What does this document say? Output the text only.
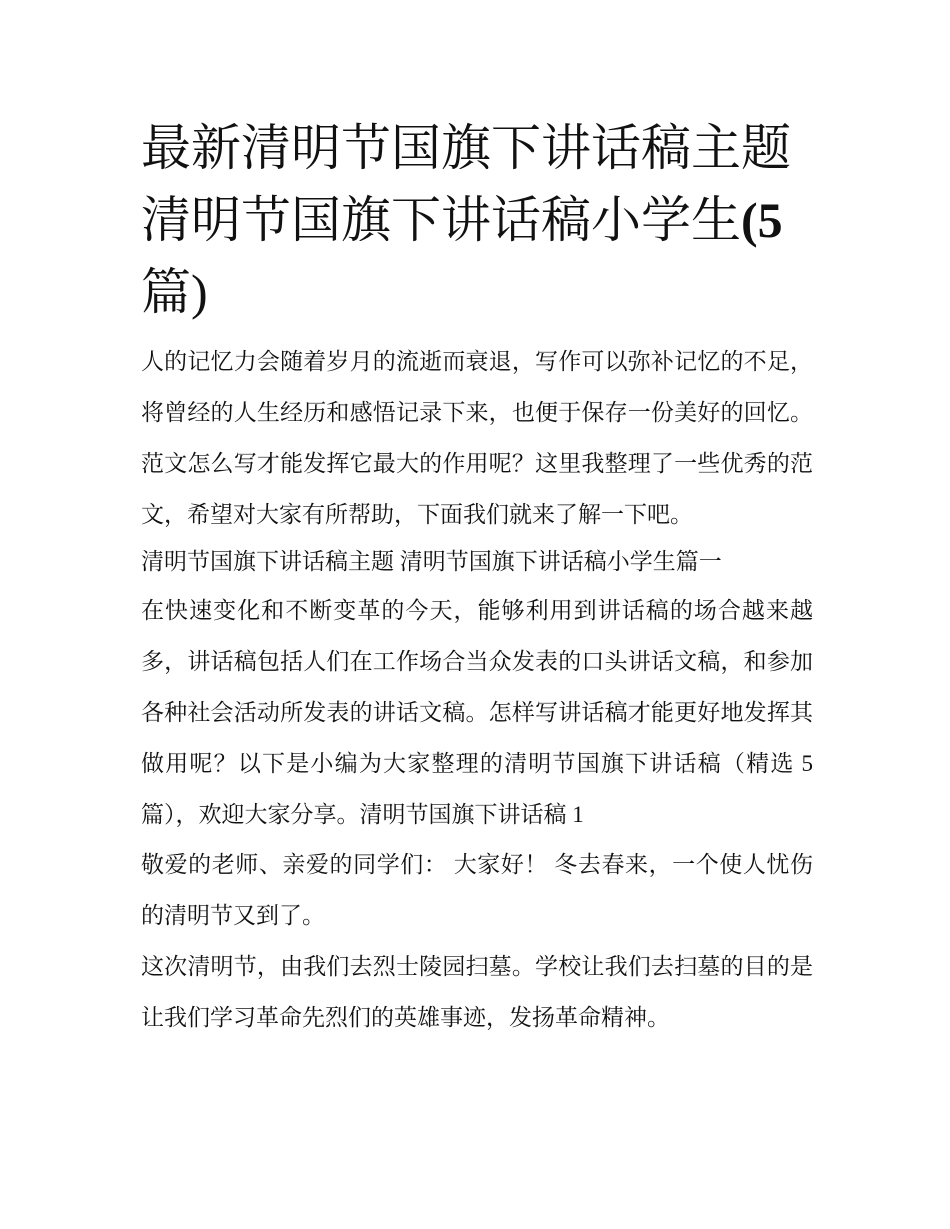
最新清明节国旗下讲话稿主题 清明节国旗下讲话稿小学生(5
篇)

人的记忆力会随着岁月的流逝而衰退，写作可以弥补记忆的不足，将曾经的人生经历和感悟记录下来，也便于保存一份美好的回忆。范文怎么写才能发挥它最大的作用呢？这里我整理了一些优秀的范文，希望对大家有所帮助，下面我们就来了解一下吧。

清明节国旗下讲话稿主题 清明节国旗下讲话稿小学生篇一

在快速变化和不断变革的今天，能够利用到讲话稿的场合越来越多，讲话稿包括人们在工作场合当众发表的口头讲话文稿，和参加各种社会活动所发表的讲话文稿。怎样写讲话稿才能更好地发挥其做用呢？以下是小编为大家整理的清明节国旗下讲话稿（精选 5 篇），欢迎大家分享。清明节国旗下讲话稿 1

敬爱的老师、亲爱的同学们： 大家好！ 冬去春来，一个使人忧伤的清明节又到了。

这次清明节，由我们去烈士陵园扫墓。学校让我们去扫墓的目的是让我们学习革命先烈们的英雄事迹，发扬革命精神。
